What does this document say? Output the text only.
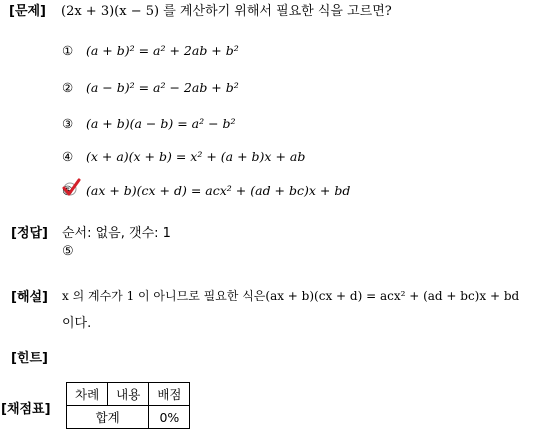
[문제] (2x + 3)(x − 5) 를 계산하기 위해서 필요한 식을 고르면?
① (a + b)² = a² + 2ab + b²
② (a − b)² = a² − 2ab + b²
③ (a + b)(a − b) = a² − b²
④ (x + a)(x + b) = x² + (a + b)x + ab
⑤ (ax + b)(cx + d) = acx² + (ad + bc)x + bd
[정답] 순서: 없음, 갯수: 1
⑤
[해설] x 의 계수가 1 이 아니므로 필요한 식은(ax + b)(cx + d) = acx² + (ad + bc)x + bd
이다.
[힌트]
[채점표]
차례	내용	배점
합계		0%
